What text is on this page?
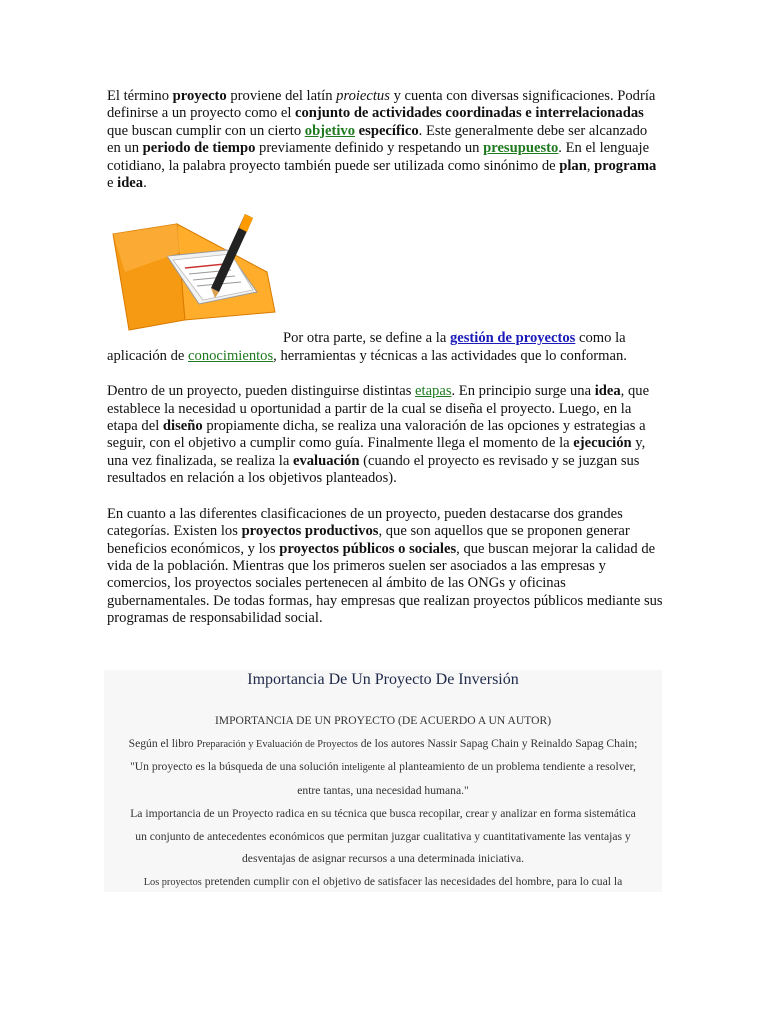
El término proyecto proviene del latín proiectus y cuenta con diversas significaciones. Podría definirse a un proyecto como el conjunto de actividades coordinadas e interrelacionadas que buscan cumplir con un cierto objetivo específico. Este generalmente debe ser alcanzado en un periodo de tiempo previamente definido y respetando un presupuesto. En el lenguaje cotidiano, la palabra proyecto también puede ser utilizada como sinónimo de plan, programa e idea.

Por otra parte, se define a la gestión de proyectos como la aplicación de conocimientos, herramientas y técnicas a las actividades que lo conforman.

Dentro de un proyecto, pueden distinguirse distintas etapas. En principio surge una idea, que establece la necesidad u oportunidad a partir de la cual se diseña el proyecto. Luego, en la etapa del diseño propiamente dicha, se realiza una valoración de las opciones y estrategias a seguir, con el objetivo a cumplir como guía. Finalmente llega el momento de la ejecución y, una vez finalizada, se realiza la evaluación (cuando el proyecto es revisado y se juzgan sus resultados en relación a los objetivos planteados).

En cuanto a las diferentes clasificaciones de un proyecto, pueden destacarse dos grandes categorías. Existen los proyectos productivos, que son aquellos que se proponen generar beneficios económicos, y los proyectos públicos o sociales, que buscan mejorar la calidad de vida de la población. Mientras que los primeros suelen ser asociados a las empresas y comercios, los proyectos sociales pertenecen al ámbito de las ONGs y oficinas gubernamentales. De todas formas, hay empresas que realizan proyectos públicos mediante sus programas de responsabilidad social.

Importancia De Un Proyecto De Inversión
IMPORTANCIA DE UN PROYECTO (DE ACUERDO A UN AUTOR)
Según el libro Preparación y Evaluación de Proyectos de los autores Nassir Sapag Chain y Reinaldo Sapag Chain;
"Un proyecto es la búsqueda de una solución inteligente al planteamiento de un problema tendiente a resolver,
entre tantas, una necesidad humana."
La importancia de un Proyecto radica en su técnica que busca recopilar, crear y analizar en forma sistemática
un conjunto de antecedentes económicos que permitan juzgar cualitativa y cuantitativamente las ventajas y
desventajas de asignar recursos a una determinada iniciativa.
Los proyectos pretenden cumplir con el objetivo de satisfacer las necesidades del hombre, para lo cual la
